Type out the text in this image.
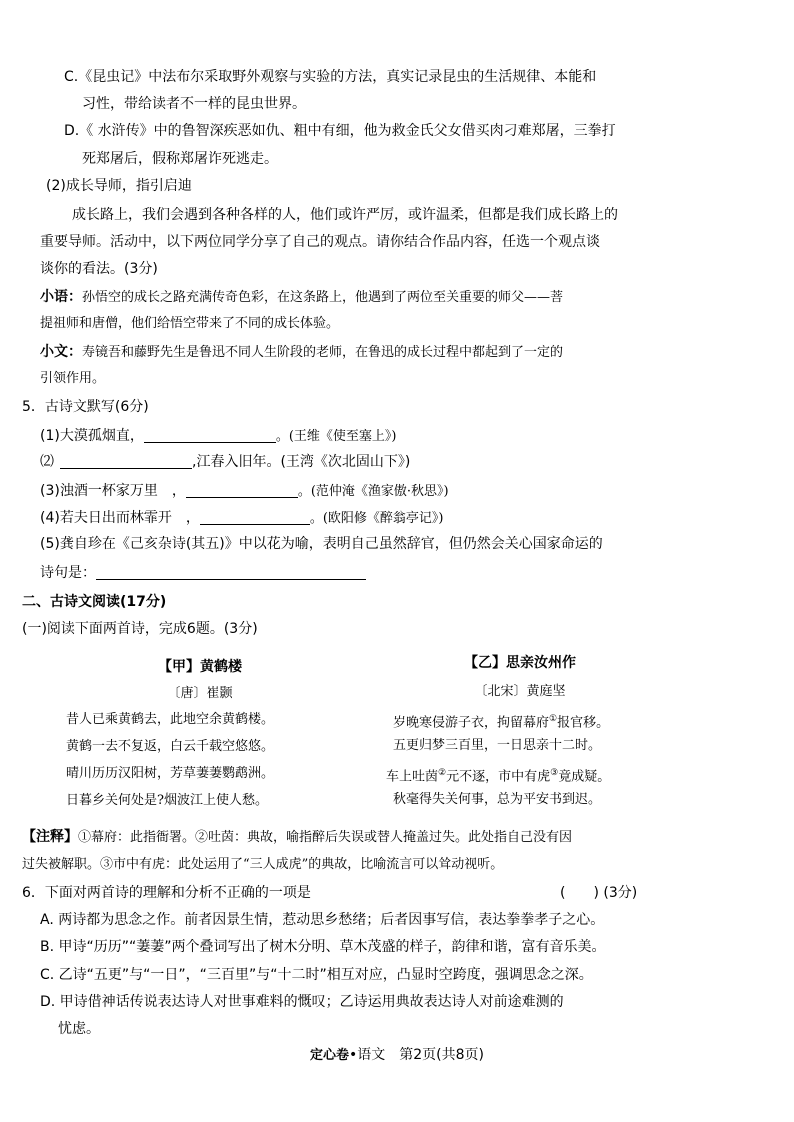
C.《昆虫记》中法布尔采取野外观察与实验的方法，真实记录昆虫的生活规律、本能和
习性，带给读者不一样的昆虫世界。
D.《 水浒传》中的鲁智深疾恶如仇、粗中有细，他为救金氏父女借买肉刁难郑屠，三拳打
死郑屠后，假称郑屠诈死逃走。
(2)成长导师，指引启迪
成长路上，我们会遇到各种各样的人，他们或许严厉，或许温柔，但都是我们成长路上的
重要导师。活动中，以下两位同学分享了自己的观点。请你结合作品内容，任选一个观点谈
谈你的看法。(3分)
小语：孙悟空的成长之路充满传奇色彩，在这条路上，他遇到了两位至关重要的师父——菩
提祖师和唐僧，他们给悟空带来了不同的成长体验。
小文：寿镜吾和藤野先生是鲁迅不同人生阶段的老师，在鲁迅的成长过程中都起到了一定的
引领作用。
5．古诗文默写(6分)
(1)大漠孤烟直，	。(王维《使至塞上》)
⑵	,江春入旧年。(王湾《次北固山下》)
(3)浊酒一杯家万里　，	。(范仲淹《渔家傲·秋思》)
(4)若夫日出而林霏开　，	。(欧阳修《醉翁亭记》)
(5)龚自珍在《己亥杂诗(其五)》中以花为喻，表明自己虽然辞官，但仍然会关心国家命运的
诗句是：
二、古诗文阅读(17分)
(一)阅读下面两首诗，完成6题。(3分)
【甲】黄鹤楼
〔唐〕崔颢
昔人已乘黄鹤去，此地空余黄鹤楼。
黄鹤一去不复返，白云千载空悠悠。
晴川历历汉阳树，芳草萋萋鹦鹉洲。
日暮乡关何处是?烟波江上使人愁。
【乙】思亲汝州作
〔北宋〕黄庭坚
岁晚寒侵游子衣，拘留幕府①报官移。
五更归梦三百里，一日思亲十二时。
车上吐茵②元不逐，市中有虎③竟成疑。
秋毫得失关何事，总为平安书到迟。
【注释】①幕府：此指衙署。②吐茵：典故，喻指醉后失误或替人掩盖过失。此处指自己没有因
过失被解职。③市中有虎：此处运用了“三人成虎”的典故，比喻流言可以耸动视听。
6．下面对两首诗的理解和分析不正确的一项是	(　　) (3分)
A. 两诗都为思念之作。前者因景生情，惹动思乡愁绪；后者因事写信，表达拳拳孝子之心。
B. 甲诗“历历”“萋萋”两个叠词写出了树木分明、草木茂盛的样子，韵律和谐，富有音乐美。
C. 乙诗“五更”与“一日”，“三百里”与“十二时”相互对应，凸显时空跨度，强调思念之深。
D. 甲诗借神话传说表达诗人对世事难料的慨叹；乙诗运用典故表达诗人对前途难测的
忧虑。
定心卷•语文　第2页(共8页)
